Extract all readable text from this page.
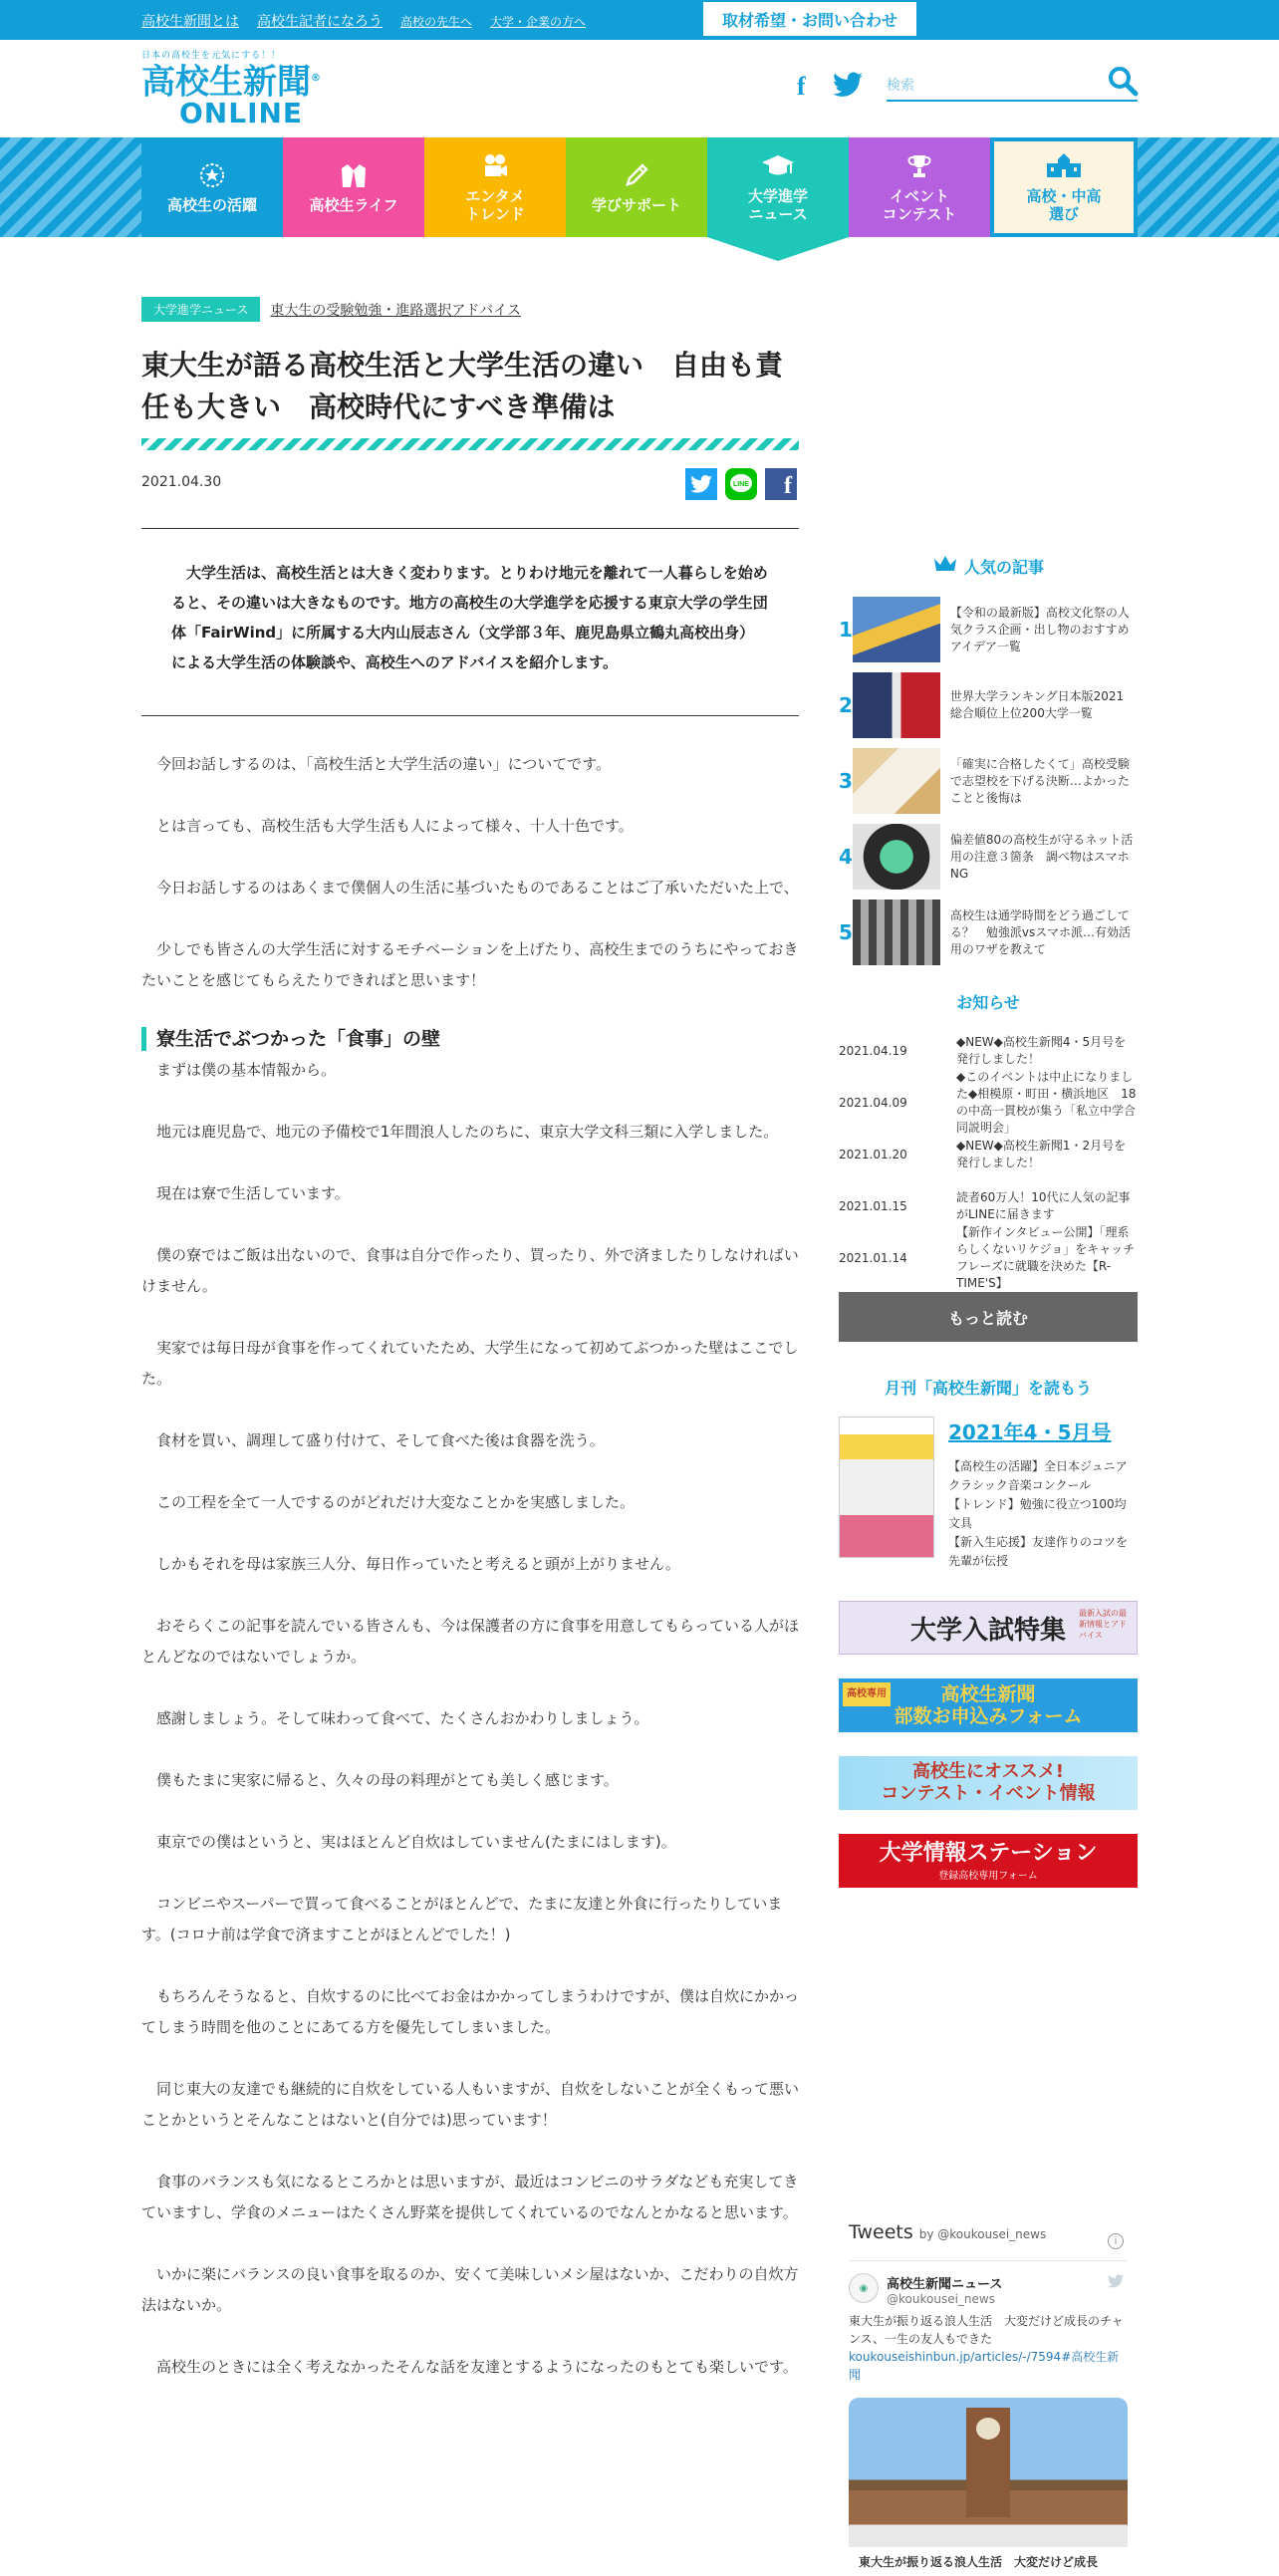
高校生新聞とは 高校生記者になろう 高校の先生へ 大学・企業の方へ	取材希望・お問い合わせ
日本の高校生を元気にする！！
高校生新聞®
ONLINE
f
検索
高校生の活躍	高校生ライフ	エンタメ
トレンド	学びサポート	大学進学
ニュース
イベント
コンテスト
高校・中高
選び
大学進学ニュース	東大生の受験勉強・進路選択アドバイス
東大生が語る高校生活と大学生活の違い　自由も責任も大きい　高校時代にすべき準備は
2021.04.30	LINE	f

大学生活は、高校生活とは大きく変わります。とりわけ地元を離れて一人暮らしを始めると、その違いは大きなものです。地方の高校生の大学進学を応援する東京大学の学生団体「FairWind」に所属する大内山辰志さん（文学部３年、鹿児島県立鶴丸高校出身）による大学生活の体験談や、高校生へのアドバイスを紹介します。

今回お話しするのは、「高校生活と大学生活の違い」についてです。

とは言っても、高校生活も大学生活も人によって様々、十人十色です。

今日お話しするのはあくまで僕個人の生活に基づいたものであることはご了承いただいた上で、

少しでも皆さんの大学生活に対するモチベーションを上げたり、高校生までのうちにやっておきたいことを感じてもらえたりできればと思います！

寮生活でぶつかった「食事」の壁

まずは僕の基本情報から。

地元は鹿児島で、地元の予備校で1年間浪人したのちに、東京大学文科三類に入学しました。

現在は寮で生活しています。

僕の寮ではご飯は出ないので、食事は自分で作ったり、買ったり、外で済ましたりしなければいけません。

実家では毎日母が食事を作ってくれていたため、大学生になって初めてぶつかった壁はここでした。

食材を買い、調理して盛り付けて、そして食べた後は食器を洗う。

この工程を全て一人でするのがどれだけ大変なことかを実感しました。

しかもそれを母は家族三人分、毎日作っていたと考えると頭が上がりません。

おそらくこの記事を読んでいる皆さんも、今は保護者の方に食事を用意してもらっている人がほとんどなのではないでしょうか。

感謝しましょう。そして味わって食べて、たくさんおかわりしましょう。

僕もたまに実家に帰ると、久々の母の料理がとても美しく感じます。

東京での僕はというと、実はほとんど自炊はしていません(たまにはします)。

コンビニやスーパーで買って食べることがほとんどで、たまに友達と外食に行ったりしています。(コロナ前は学食で済ますことがほとんどでした！)

もちろんそうなると、自炊するのに比べてお金はかかってしまうわけですが、僕は自炊にかかってしまう時間を他のことにあてる方を優先してしまいました。

同じ東大の友達でも継続的に自炊をしている人もいますが、自炊をしないことが全くもって悪いことかというとそんなことはないと(自分では)思っています！

食事のバランスも気になるところかとは思いますが、最近はコンビニのサラダなども充実してきていますし、学食のメニューはたくさん野菜を提供してくれているのでなんとかなると思います。

いかに楽にバランスの良い食事を取るのか、安くて美味しいメシ屋はないか、こだわりの自炊方法はないか。

高校生のときには全く考えなかったそんな話を友達とするようになったのもとても楽しいです。

人気の記事
1
【令和の最新版】高校文化祭の人気クラス企画・出し物のおすすめアイデア一覧
2	世界大学ランキング日本版2021　総合順位上位200大学一覧
3
「確実に合格したくて」高校受験で志望校を下げる決断…よかったことと後悔は
4
偏差値80の高校生が守るネット活用の注意３箇条　調べ物はスマホNG
5
高校生は通学時間をどう過ごしてる？　勉強派vsスマホ派…有効活用のワザを教えて
お知らせ
2021.04.19
◆NEW◆高校生新聞4・5月号を発行しました！
2021.04.09
◆このイベントは中止になりました◆相模原・町田・横浜地区　18の中高一貫校が集う「私立中学合同説明会」
2021.01.20
◆NEW◆高校生新聞1・2月号を発行しました！
2021.01.15
読者60万人！10代に人気の記事がLINEに届きます
2021.01.14
【新作インタビュー公開】「理系らしくないリケジョ」をキャッチフレーズに就職を決めた【R-TIME'S】
もっと読む
月刊「高校生新聞」を読もう
2021年4・5月号
【高校生の活躍】全日本ジュニアクラシック音楽コンクール
【トレンド】勉強に役立つ100均文具
【新入生応援】友達作りのコツを先輩が伝授
大学入試特集
最新入試の最新情報とアドバイス
高校専用	高校生新聞
部数お申込みフォーム
高校生にオススメ!
コンテスト・イベント情報
大学情報ステーション
登録高校専用フォーム
Tweets by @koukousei_news	i
◉	高校生新聞ニュース
@koukousei_news
東大生が振り返る浪人生活　大変だけど成長のチャンス、一生の友人もできた koukouseishinbun.jp/articles/-/7594#高校生新聞
東大生が振り返る浪人生活　大変だけど成長
